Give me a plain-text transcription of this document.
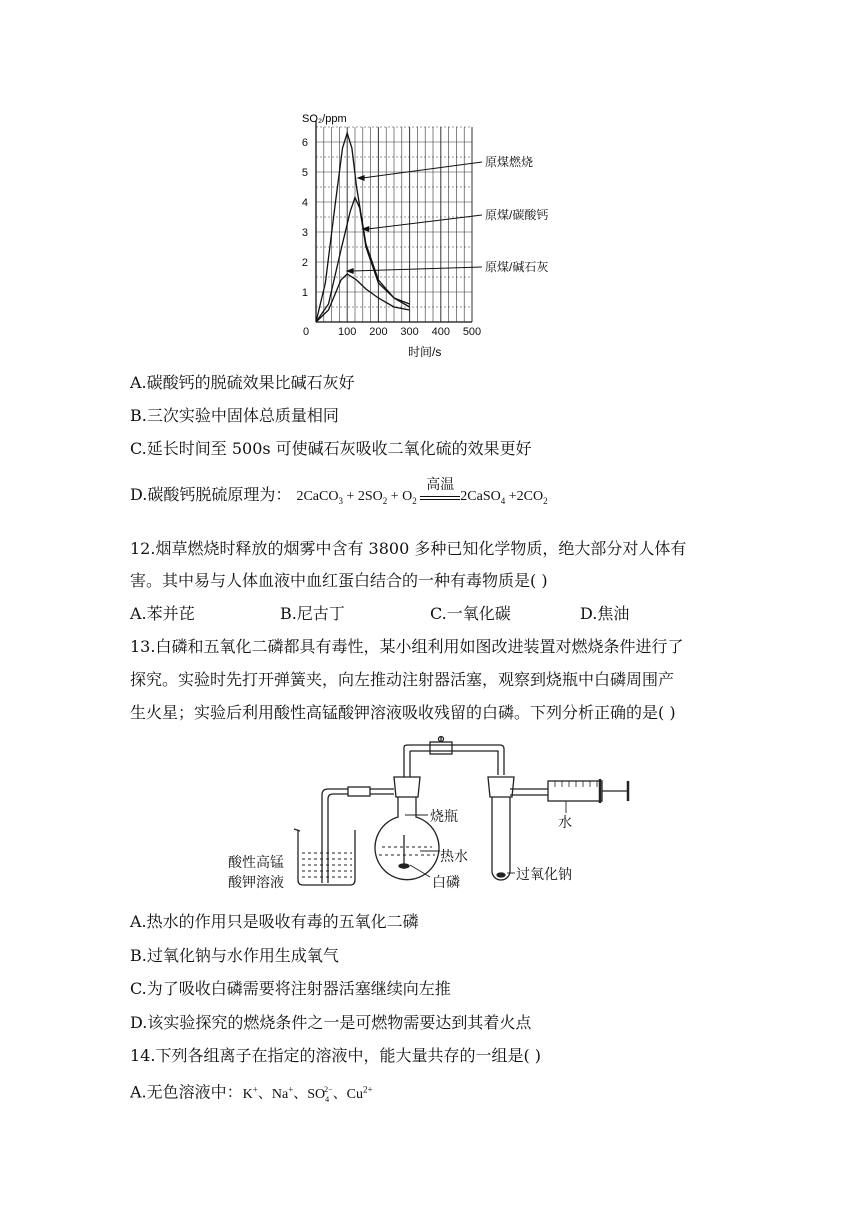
SO₂/ppm
时间/s
0	100 200 300 400 500
1
2
3
4
5
6
原煤燃烧
原煤/碳酸钙
原煤/碱石灰
A.碳酸钙的脱硫效果比碱石灰好
B.三次实验中固体总质量相同
C.延长时间至 500s 可使碱石灰吸收二氧化硫的效果更好
D.碳酸钙脱硫原理为： 2CaCO$_3$ + $2SO_2 + O_2$
高温
2CaSO$_4$ $+2CO_2$
12.烟草燃烧时释放的烟雾中含有 3800 多种已知化学物质，绝大部分对人体有
害。其中易与人体血液中血红蛋白结合的一种有毒物质是( )
A.苯并芘	B.尼古丁	C.一氧化碳	D.焦油
13.白磷和五氧化二磷都具有毒性，某小组利用如图改进装置对燃烧条件进行了
探究。实验时先打开弹簧夹，向左推动注射器活塞，观察到烧瓶中白磷周围产
生火星；实验后利用酸性高锰酸钾溶液吸收残留的白磷。下列分析正确的是( )
酸性高锰
酸钾溶液
烧瓶
热水
白磷
水
过氧化钠
A.热水的作用只是吸收有毒的五氧化二磷
B.过氧化钠与水作用生成氧气
C.为了吸收白磷需要将注射器活塞继续向左推
D.该实验探究的燃烧条件之一是可燃物需要达到其着火点
14.下列各组离子在指定的溶液中，能大量共存的一组是( )
A.无色溶液中：K+、Na+、$SO_4^{2-}$、$Cu^{2+}$
